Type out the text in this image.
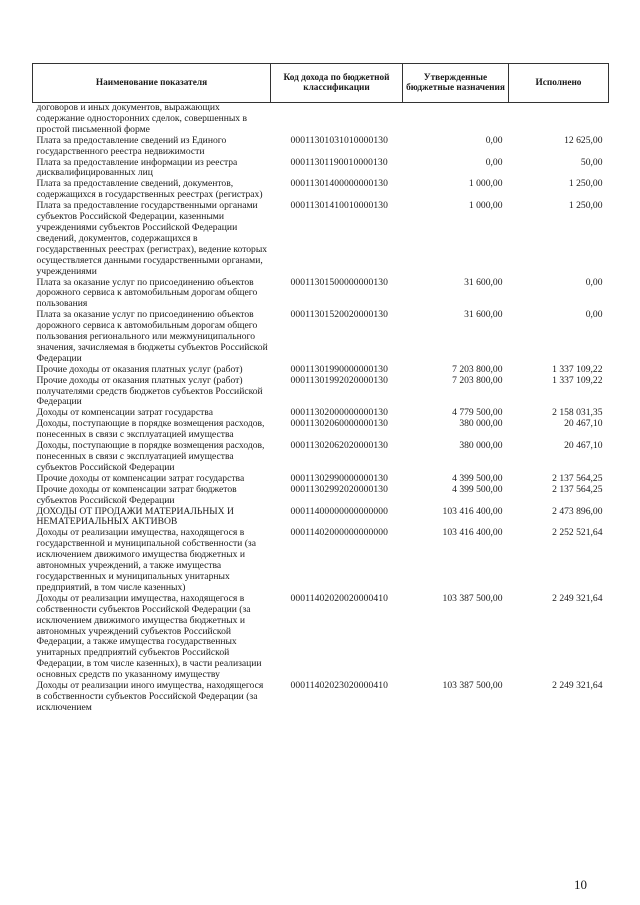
Наименование показателя	Код дохода по бюджетной классификации	Утвержденные бюджетные назначения	Исполнено
договоров и иных документов, выражающих содержание односторонних сделок, совершенных в простой письменной форме			
Плата за предоставление сведений из Единого государственного реестра недвижимости	00011301031010000130	0,00	12 625,00
Плата за предоставление информации из реестра дисквалифицированных лиц	00011301190010000130	0,00	50,00
Плата за предоставление сведений, документов, содержащихся в государственных реестрах (регистрах)	00011301400000000130	1 000,00	1 250,00
Плата за предоставление государственными органами субъектов Российской Федерации, казенными учреждениями субъектов Российской Федерации сведений, документов, содержащихся в государственных реестрах (регистрах), ведение которых осуществляется данными государственными органами, учреждениями	00011301410010000130	1 000,00	1 250,00
Плата за оказание услуг по присоединению объектов дорожного сервиса к автомобильным дорогам общего пользования	00011301500000000130	31 600,00	0,00
Плата за оказание услуг по присоединению объектов дорожного сервиса к автомобильным дорогам общего пользования регионального или межмуниципального значения, зачисляемая в бюджеты субъектов Российской Федерации	00011301520020000130	31 600,00	0,00
Прочие доходы от оказания платных услуг (работ)	00011301990000000130	7 203 800,00	1 337 109,22
Прочие доходы от оказания платных услуг (работ) получателями средств бюджетов субъектов Российской Федерации	00011301992020000130	7 203 800,00	1 337 109,22
Доходы от компенсации затрат государства	00011302000000000130	4 779 500,00	2 158 031,35
Доходы, поступающие в порядке возмещения расходов, понесенных в связи с эксплуатацией имущества	00011302060000000130	380 000,00	20 467,10
Доходы, поступающие в порядке возмещения расходов, понесенных в связи с эксплуатацией имущества субъектов Российской Федерации	00011302062020000130	380 000,00	20 467,10
Прочие доходы от компенсации затрат государства	00011302990000000130	4 399 500,00	2 137 564,25
Прочие доходы от компенсации затрат бюджетов субъектов Российской Федерации	00011302992020000130	4 399 500,00	2 137 564,25
ДОХОДЫ ОТ ПРОДАЖИ МАТЕРИАЛЬНЫХ И НЕМАТЕРИАЛЬНЫХ АКТИВОВ	00011400000000000000	103 416 400,00	2 473 896,00
Доходы от реализации имущества, находящегося в государственной и муниципальной собственности (за исключением движимого имущества бюджетных и автономных учреждений, а также имущества государственных и муниципальных унитарных предприятий, в том числе казенных)	00011402000000000000	103 416 400,00	2 252 521,64
Доходы от реализации имущества, находящегося в собственности субъектов Российской Федерации (за исключением движимого имущества бюджетных и автономных учреждений субъектов Российской Федерации, а также имущества государственных унитарных предприятий субъектов Российской Федерации, в том числе казенных), в части реализации основных средств по указанному имуществу	00011402020020000410	103 387 500,00	2 249 321,64
Доходы от реализации иного имущества, находящегося в собственности субъектов Российской Федерации (за исключением	00011402023020000410	103 387 500,00	2 249 321,64
10
